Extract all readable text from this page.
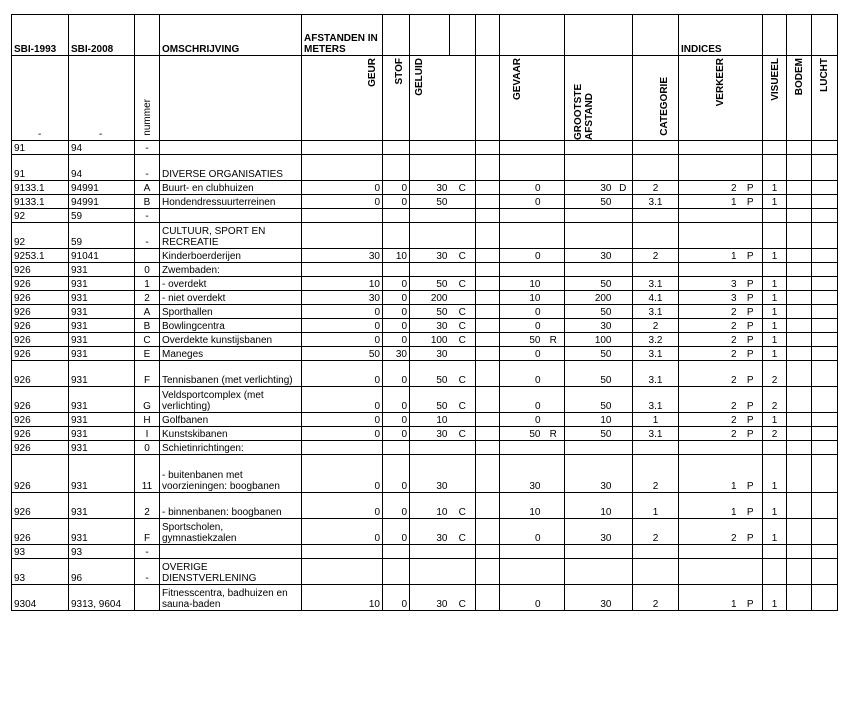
SBI-1993	SBI-2008		OMSCHRIJVING	AFSTANDEN IN METERS										INDICES				

-	-	nummer		GEUR	STOF	GELUID			GEVAAR		GROOTSTE AFSTAND		CATEGORIE	VERKEER		VISUEEL	BODEM	LUCHT

91	94	-																
91	94	-	DIVERSE ORGANISATIES															
9133.1	94991	A	Buurt- en clubhuizen	0	0	30	C		0		30	D	2	2	P	1		
9133.1	94991	B	Hondendressuurterreinen	0	0	50			0		50		3.1	1	P	1		
92	59	-																
92	59	-	CULTUUR, SPORT EN RECREATIE															
9253.1	91041		Kinderboerderijen	30	10	30	C		0		30		2	1	P	1		
926	931	0	Zwembaden:															
926	931	1	- overdekt	10	0	50	C		10		50		3.1	3	P	1		
926	931	2	- niet overdekt	30	0	200			10		200		4.1	3	P	1		
926	931	A	Sporthallen	0	0	50	C		0		50		3.1	2	P	1		
926	931	B	Bowlingcentra	0	0	30	C		0		30		2	2	P	1		
926	931	C	Overdekte kunstijsbanen	0	0	100	C		50	R	100		3.2	2	P	1		
926	931	E	Maneges	50	30	30			0		50		3.1	2	P	1		
926	931	F	Tennisbanen (met verlichting)	0	0	50	C		0		50		3.1	2	P	2		
926	931	G	Veldsportcomplex (met verlichting)	0	0	50	C		0		50		3.1	2	P	2		
926	931	H	Golfbanen	0	0	10			0		10		1	2	P	1		
926	931	I	Kunstskibanen	0	0	30	C		50	R	50		3.1	2	P	2		
926	931	0	Schietinrichtingen:															
926	931	11	- buitenbanen met voorzieningen: boogbanen	0	0	30			30		30		2	1	P	1		
926	931	2	- binnenbanen: boogbanen	0	0	10	C		10		10		1	1	P	1		
926	931	F	Sportscholen, gymnastiekzalen	0	0	30	C		0		30		2	2	P	1		
93	93	-																
93	96	-	OVERIGE DIENSTVERLENING															
9304	9313, 9604		Fitnesscentra, badhuizen en sauna-baden	10	0	30	C		0		30		2	1	P	1		
